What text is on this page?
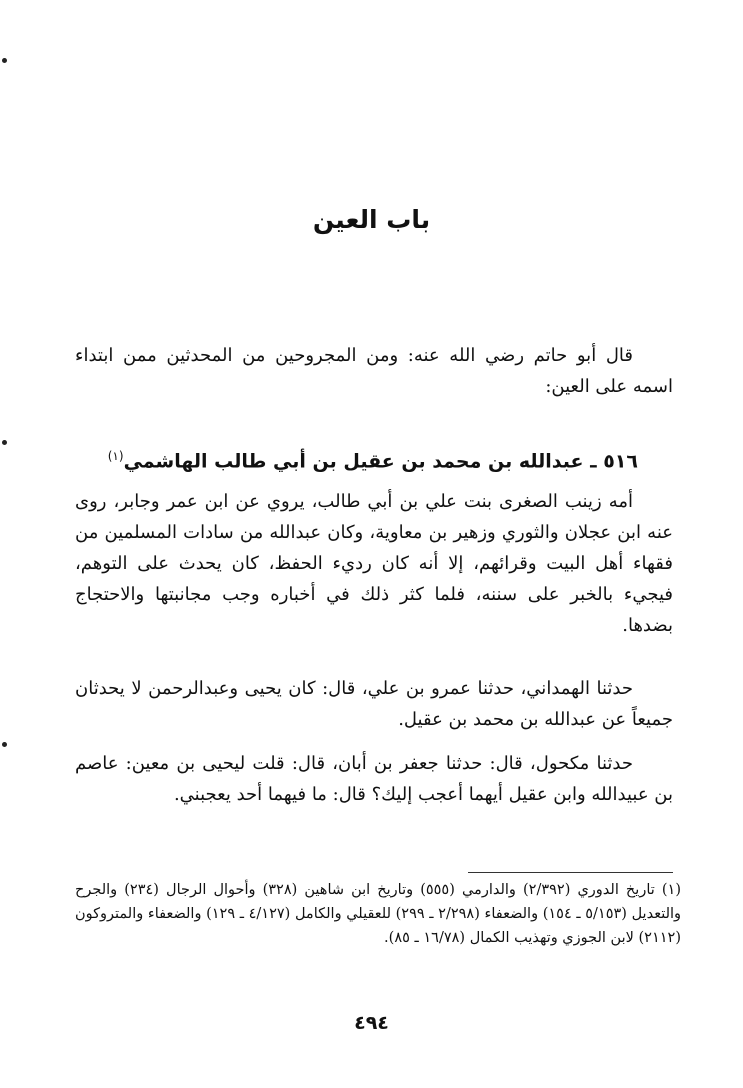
باب العين

قال أبو حاتم رضي الله عنه: ومن المجروحين من المحدثين ممن ابتداء اسمه على العين:

٥١٦ ـ عبدالله بن محمد بن عقيل بن أبي طالب الهاشمي$^{(١)}$

أمه زينب الصغرى بنت علي بن أبي طالب، يروي عن ابن عمر وجابر، روى عنه ابن عجلان والثوري وزهير بن معاوية، وكان عبدالله من سادات المسلمين من فقهاء أهل البيت وقرائهم، إلا أنه كان رديء الحفظ، كان يحدث على التوهم، فيجيء بالخبر على سننه، فلما كثر ذلك في أخباره وجب مجانبتها والاحتجاج بضدها.

حدثنا الهمداني، حدثنا عمرو بن علي، قال: كان يحيى وعبدالرحمن لا يحدثان جميعاً عن عبدالله بن محمد بن عقيل.

حدثنا مكحول، قال: حدثنا جعفر بن أبان، قال: قلت ليحيى بن معين: عاصم بن عبيدالله وابن عقيل أيهما أعجب إليك؟ قال: ما فيهما أحد يعجبني.

(١) تاريخ الدوري (٢/٣٩٢) والدارمي (٥٥٥) وتاريخ ابن شاهين (٣٢٨) وأحوال الرجال (٢٣٤) والجرح والتعديل (٥/١٥٣ ـ ١٥٤) والضعفاء (٢/٢٩٨ ـ ٢٩٩) للعقيلي والكامل (٤/١٢٧ ـ ١٢٩) والضعفاء والمتروكون (٢١١٢) لابن الجوزي وتهذيب الكمال (١٦/٧٨ ـ ٨٥).
٤٩٤
